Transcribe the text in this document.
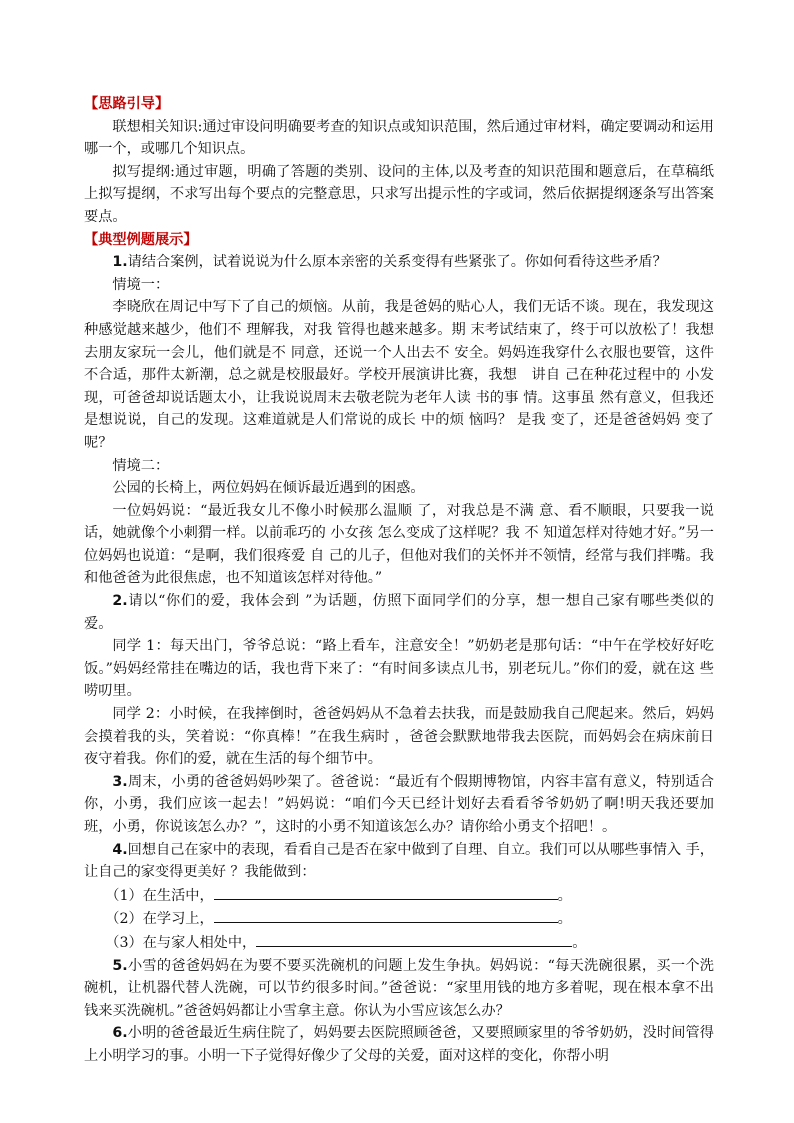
【思路引导】

联想相关知识:通过审设问明确要考查的知识点或知识范围，然后通过审材料，确定要调动和运用哪一个，或哪几个知识点。

拟写提纲:通过审题，明确了答题的类别、设问的主体,以及考查的知识范围和题意后，在草稿纸上拟写提纲，不求写出每个要点的完整意思，只求写出提示性的字或词，然后依据提纲逐条写出答案要点。

【典型例题展示】

1.请结合案例，试着说说为什么原本亲密的关系变得有些紧张了。你如何看待这些矛盾？

情境一：

李晓欣在周记中写下了自己的烦恼。从前，我是爸妈的贴心人，我们无话不谈。现在，我发现这种感觉越来越少，他们不 理解我，对我 管得也越来越多。期 末考试结束了，终于可以放松了！我想去朋友家玩一会儿，他们就是不 同意，还说一个人出去不 安全。妈妈连我穿什么衣服也要管，这件不合适，那件太新潮，总之就是校服最好。学校开展演讲比赛，我想　讲自 己在种花过程中的 小发现，可爸爸却说话题太小，让我说说周末去敬老院为老年人读 书的事 情。这事虽 然有意义，但我还是想说说，自己的发现。这难道就是人们常说的成长 中的烦 恼吗？ 是我 变了，还是爸爸妈妈 变了呢？

情境二：

公园的长椅上，两位妈妈在倾诉最近遇到的困惑。

一位妈妈说：“最近我女儿不像小时候那么温顺 了，对我总是不满 意、看不顺眼，只要我一说 话，她就像个小刺猬一样。以前乖巧的 小女孩 怎么变成了这样呢？我 不 知道怎样对待她才好。”另一位妈妈也说道：“是啊，我们很疼爱 自 己的儿子，但他对我们的关怀并不领情，经常与我们拌嘴。我和他爸爸为此很焦虑，也不知道该怎样对待他。”

2.请以“你们的爱，我体会到 ”为话题，仿照下面同学们的分享，想一想自己家有哪些类似的爱。

同学 1：每天出门，爷爷总说：“路上看车，注意安全！”奶奶老是那句话：“中午在学校好好吃 饭。”妈妈经常挂在嘴边的话，我也背下来了：“有时间多读点儿书，别老玩儿。”你们的爱，就在这 些唠叨里。

同学 2：小时候，在我摔倒时，爸爸妈妈从不急着去扶我，而是鼓励我自己爬起来。然后，妈妈 会摸着我的头，笑着说：“你真棒！”在我生病时 ，爸爸会默默地带我去医院，而妈妈会在病床前日 夜守着我。你们的爱，就在生活的每个细节中。

3.周末，小勇的爸爸妈妈吵架了。爸爸说：“最近有个假期博物馆，内容丰富有意义，特别适合你，小勇，我们应该一起去！”妈妈说：“咱们今天已经计划好去看看爷爷奶奶了啊!明天我还要加班，小勇，你说该怎么办？”，这时的小勇不知道该怎么办？请你给小勇支个招吧！。

4.回想自己在家中的表现，看看自己是否在家中做到了自理、自立。我们可以从哪些事情入 手，让自己的家变得更美好 ？我能做到：

（1）在生活中，	。

（2）在学习上，	。

（3）在与家人相处中，	。

5.小雪的爸爸妈妈在为要不要买洗碗机的问题上发生争执。妈妈说：“每天洗碗很累，买一个洗碗机，让机器代替人洗碗，可以节约很多时间。”爸爸说：“家里用钱的地方多着呢，现在根本拿不出钱来买洗碗机。”爸爸妈妈都让小雪拿主意。你认为小雪应该怎么办？

6.小明的爸爸最近生病住院了，妈妈要去医院照顾爸爸，又要照顾家里的爷爷奶奶，没时间管得上小明学习的事。小明一下子觉得好像少了父母的关爱，面对这样的变化，你帮小明
